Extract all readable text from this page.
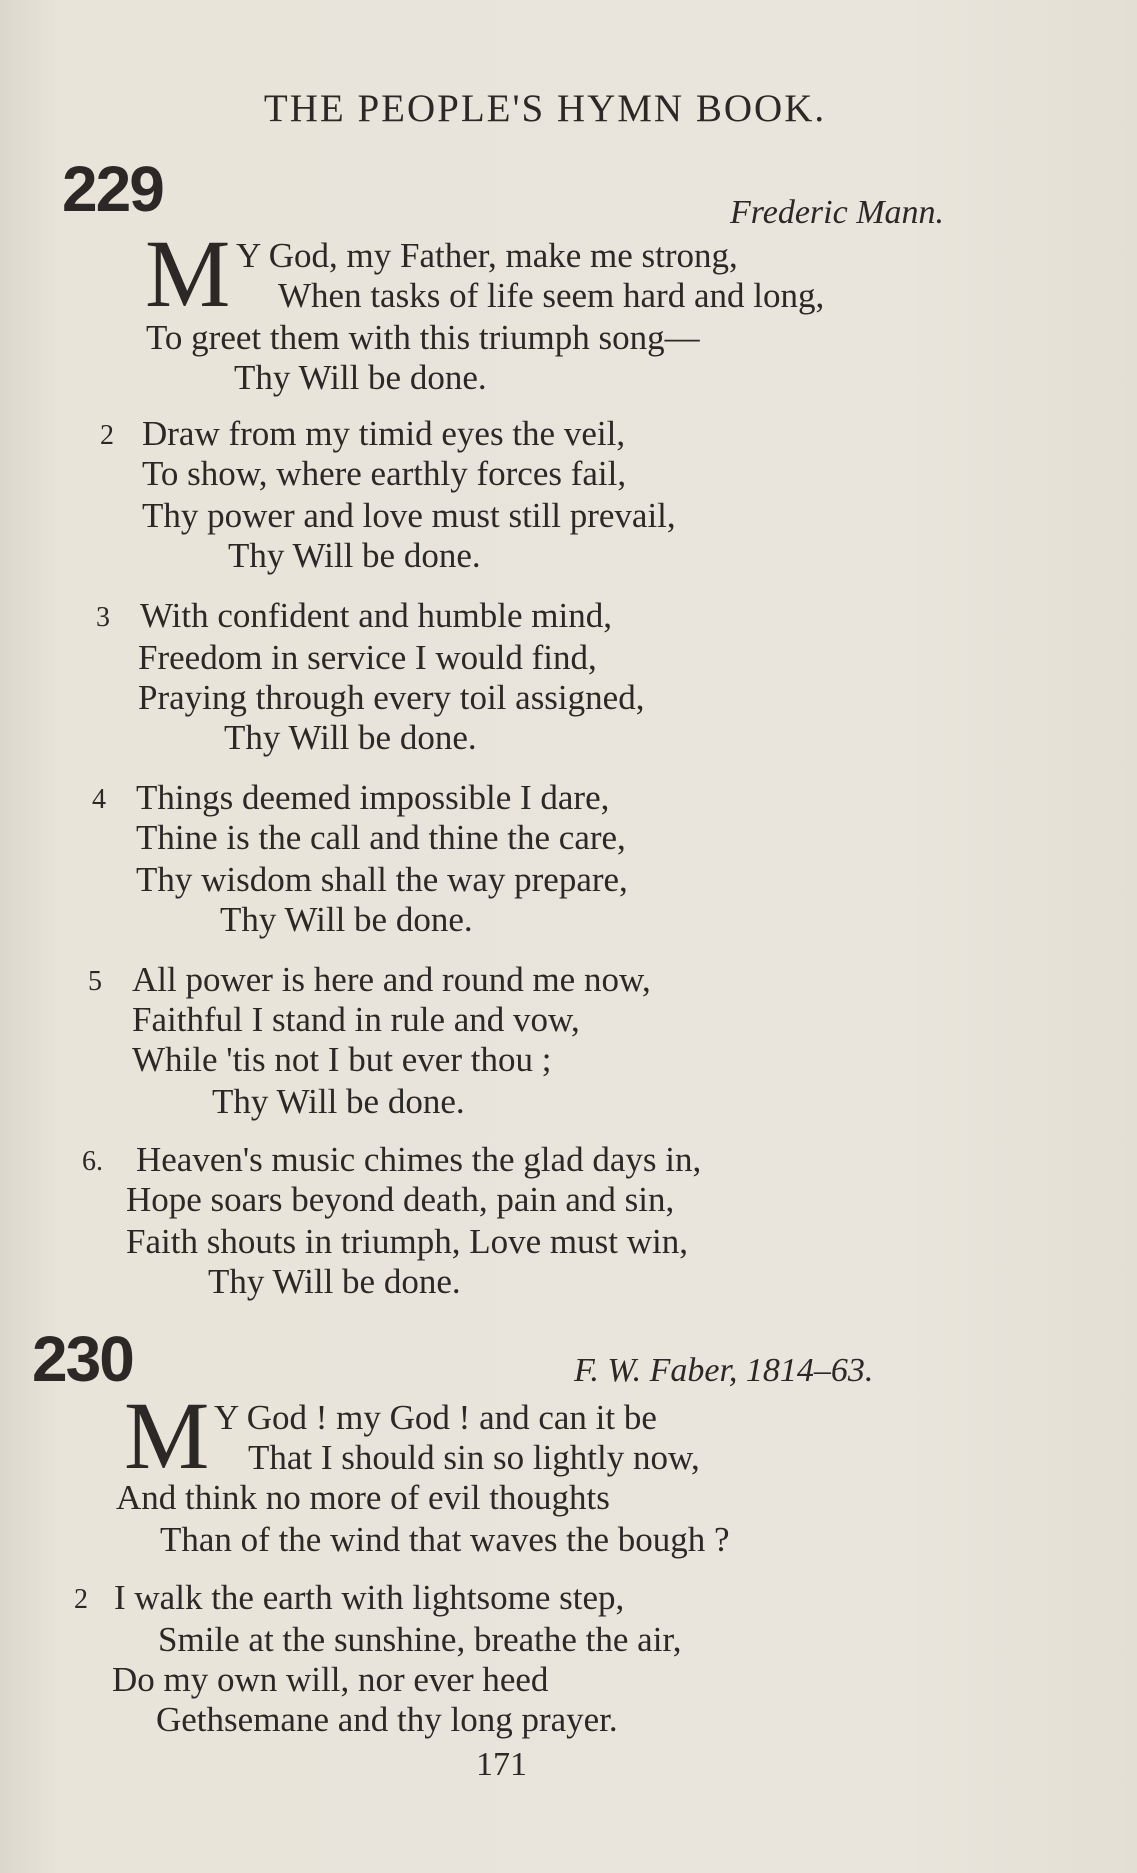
THE PEOPLE'S HYMN BOOK.
229	Frederic Mann.
M Y God, my Father, make me strong,
When tasks of life seem hard and long,
To greet them with this triumph song—
Thy Will be done.
2 Draw from my timid eyes the veil,
To show, where earthly forces fail,
Thy power and love must still prevail,
Thy Will be done.
3 With confident and humble mind,
Freedom in service I would find,
Praying through every toil assigned,
Thy Will be done.
4 Things deemed impossible I dare,
Thine is the call and thine the care,
Thy wisdom shall the way prepare,
Thy Will be done.
5 All power is here and round me now,
Faithful I stand in rule and vow,
While 'tis not I but ever thou ;
Thy Will be done.
6. Heaven's music chimes the glad days in,
Hope soars beyond death, pain and sin,
Faith shouts in triumph, Love must win,
Thy Will be done.
230	F. W. Faber, 1814–63.
M Y God ! my God ! and can it be
That I should sin so lightly now,
And think no more of evil thoughts
Than of the wind that waves the bough ?
2 I walk the earth with lightsome step,
Smile at the sunshine, breathe the air,
Do my own will, nor ever heed
Gethsemane and thy long prayer.
171
